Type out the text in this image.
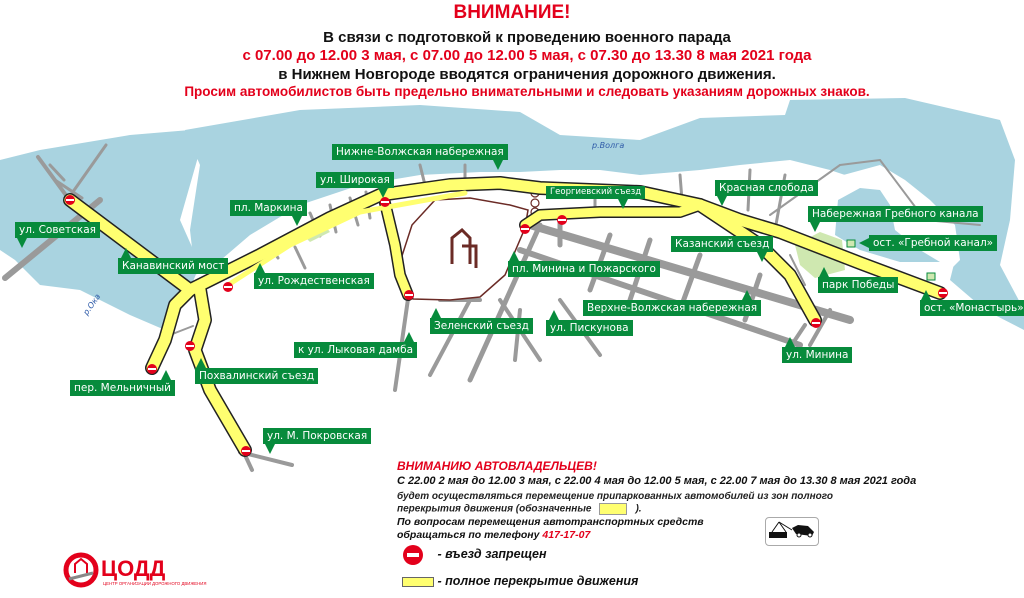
ВНИМАНИЕ!
В связи с подготовкой к проведению военного парада
с 07.00 до 12.00 3 мая, с 07.00 до 12.00 5 мая, с 07.30 до 13.30 8 мая 2021 года
в Нижнем Новгороде вводятся ограничения дорожного движения.
Просим автомобилистов быть предельно внимательными и следовать указаниям дорожных знаков.
р.Волга
р.Ока
ул. Советская
Канавинский мост
пл. Маркина
ул. Широкая
Нижне-Волжская набережная
ул. Рождественская
Георгиевский съезд
пл. Минина и Пожарского
Красная слобода
Набережная Гребного канала
Казанский съезд	ост. «Гребной канал»
парк Победы
ост. «Монастырь»
Верхне-Волжская набережная
Зеленский съезд	ул. Пискунова
ул. Минина
к ул. Лыковая дамба
пер. Мельничный
Похвалинский съезд
ул. М. Покровская
ВНИМАНИЮ АВТОВЛАДЕЛЬЦЕВ!
С 22.00 2 мая до 12.00 3 мая, с 22.00 4 мая до 12.00 5 мая, с 22.00 7 мая до 13.30 8 мая 2021 года
будет осуществляться перемещение припаркованных автомобилей из зон полного
перекрытия движения (обозначенные	).
По вопросам перемещения автотранспортных средств
обращаться по телефону 417-17-07
- въезд запрещен
- полное перекрытие движения
ЦОДД
ЦЕНТР ОРГАНИЗАЦИИ ДОРОЖНОГО ДВИЖЕНИЯ
